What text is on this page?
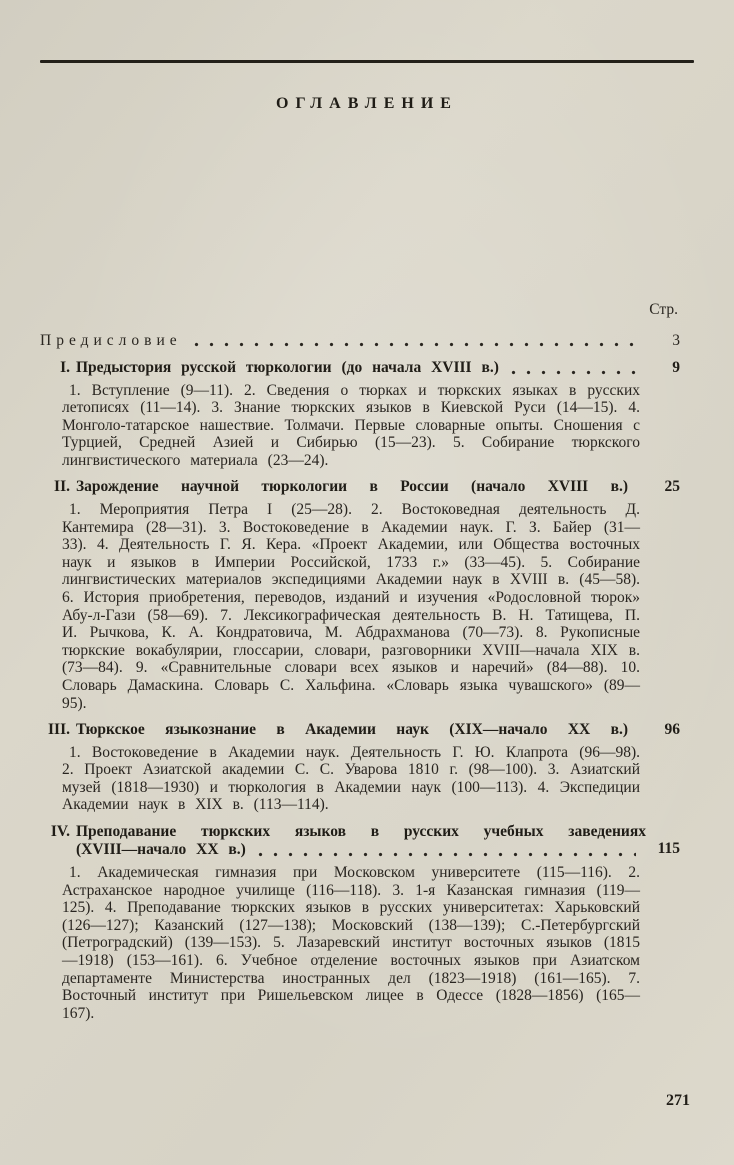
ОГЛАВЛЕНИЕ
Стр.
Предисловие	3
I. Предыстория русской тюркологии (до начала XVIII в.)	9

1. Вступление (9—11). 2. Сведения о тюрках и тюркских языках в русских летописях (11—14). 3. Знание тюркских языков в Киевской Руси (14—15). 4. Монголо-татарское нашествие. Толмачи. Первые словарные опыты. Сношения с Турцией, Средней Азией и Сибирью (15—23). 5. Собирание тюркского лингвистического материала (23—24).

II. Зарождение научной тюркологии в России (начало XVIII в.)	25

1. Мероприятия Петра I (25—28). 2. Востоковедная деятельность Д. Кантемира (28—31). 3. Востоковедение в Академии наук. Г. З. Байер (31—33). 4. Деятельность Г. Я. Кера. «Проект Академии, или Общества восточных наук и языков в Империи Российской, 1733 г.» (33—45). 5. Собирание лингвистических материалов экспедициями Академии наук в XVIII в. (45—58). 6. История приобретения, переводов, изданий и изучения «Родословной тюрок» Абу-л-Гази (58—69). 7. Лексикографическая деятельность В. Н. Татищева, П. И. Рычкова, К. А. Кондратовича, М. Абдрахманова (70—73). 8. Рукописные тюркские вокабулярии, глоссарии, словари, разговорники XVIII—начала XIX в. (73—84). 9. «Сравнительные словари всех языков и наречий» (84—88). 10. Словарь Дамаскина. Словарь С. Хальфина. «Словарь языка чувашского» (89—95).

III. Тюркское языкознание в Академии наук (XIX—начало XX в.)	96

1. Востоковедение в Академии наук. Деятельность Г. Ю. Клапрота (96—98). 2. Проект Азиатской академии С. С. Уварова 1810 г. (98—100). 3. Азиатский музей (1818—1930) и тюркология в Академии наук (100—113). 4. Экспедиции Академии наук в XIX в. (113—114).

IV. Преподавание тюркских языков в русских учебных заведениях
(XVIII—начало XX в.)	115

1. Академическая гимназия при Московском университете (115—116). 2. Астраханское народное училище (116—118). 3. 1-я Казанская гимназия (119—125). 4. Преподавание тюркских языков в русских университетах: Харьковский (126—127); Казанский (127—138); Московский (138—139); С.-Петербургский (Петроградский) (139—153). 5. Лазаревский институт восточных языков (1815—1918) (153—161). 6. Учебное отделение восточных языков при Азиатском департаменте Министерства иностранных дел (1823—1918) (161—165). 7. Восточный институт при Ришельевском лицее в Одессе (1828—1856) (165—167).

271
